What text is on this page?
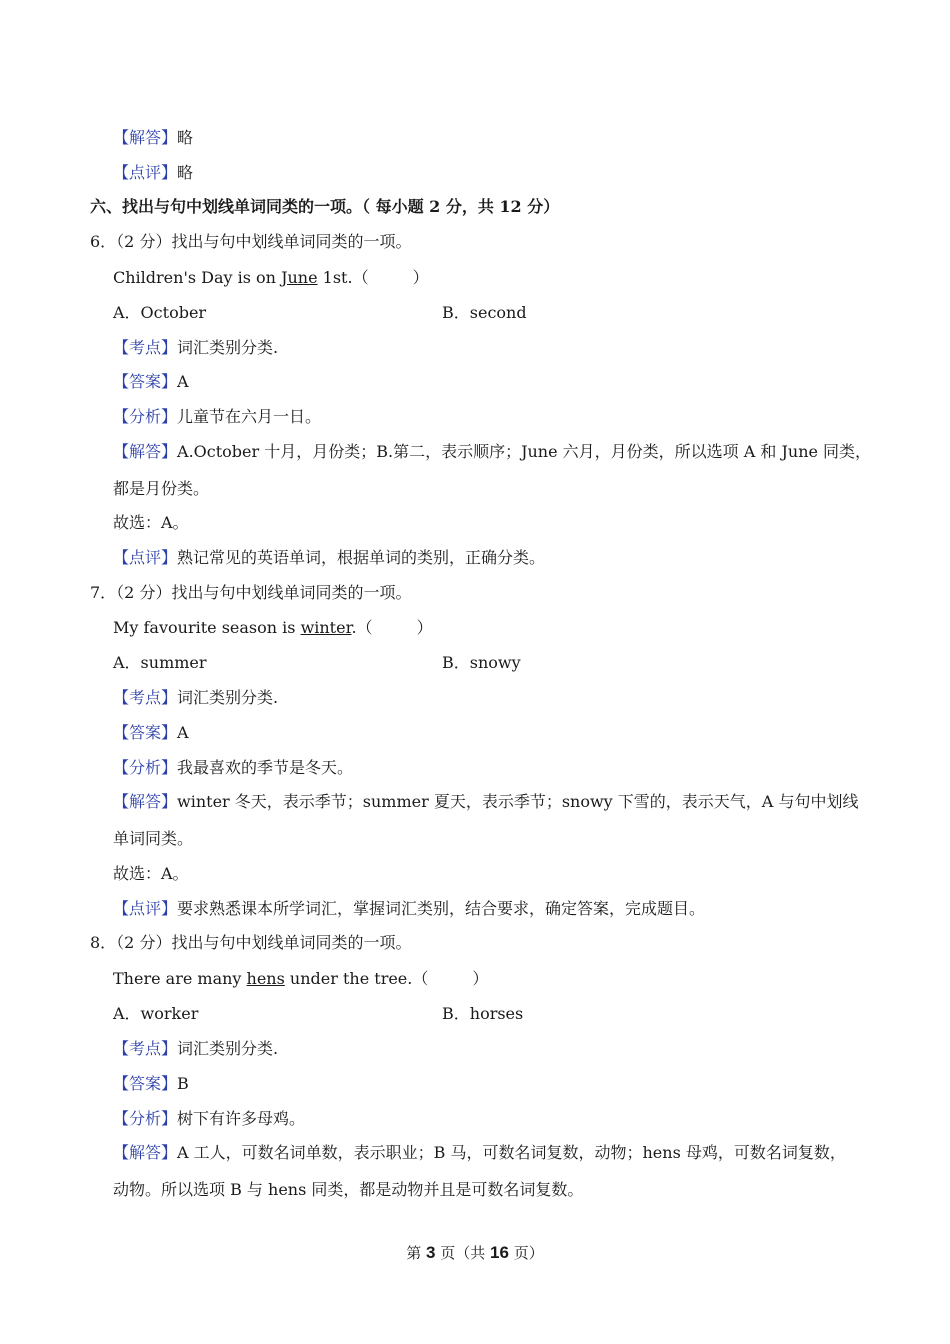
【解答】略
【点评】略
六、找出与句中划线单词同类的一项。（ 每小题 2 分，共 12 分）
6．（2 分）找出与句中划线单词同类的一项。
Children's Day is on June 1st.（	）
A．October	B．second
【考点】词汇类别分类.
【答案】A
【分析】儿童节在六月一日。
【解答】A.October 十月，月份类；B.第二，表示顺序；June 六月，月份类，所以选项 A 和 June 同类，
都是月份类。
故选：A。
【点评】熟记常见的英语单词，根据单词的类别，正确分类。
7．（2 分）找出与句中划线单词同类的一项。
My favourite season is winter.（	）
A．summer	B．snowy
【考点】词汇类别分类.
【答案】A
【分析】我最喜欢的季节是冬天。
【解答】winter 冬天，表示季节；summer 夏天，表示季节；snowy 下雪的，表示天气，A 与句中划线
单词同类。
故选：A。
【点评】要求熟悉课本所学词汇，掌握词汇类别，结合要求，确定答案，完成题目。
8．（2 分）找出与句中划线单词同类的一项。
There are many hens under the tree.（	）
A．worker	B．horses
【考点】词汇类别分类.
【答案】B
【分析】树下有许多母鸡。
【解答】A 工人，可数名词单数，表示职业；B 马，可数名词复数，动物；hens 母鸡，可数名词复数，
动物。所以选项 B 与 hens 同类，都是动物并且是可数名词复数。
第 3 页（共 16 页）
